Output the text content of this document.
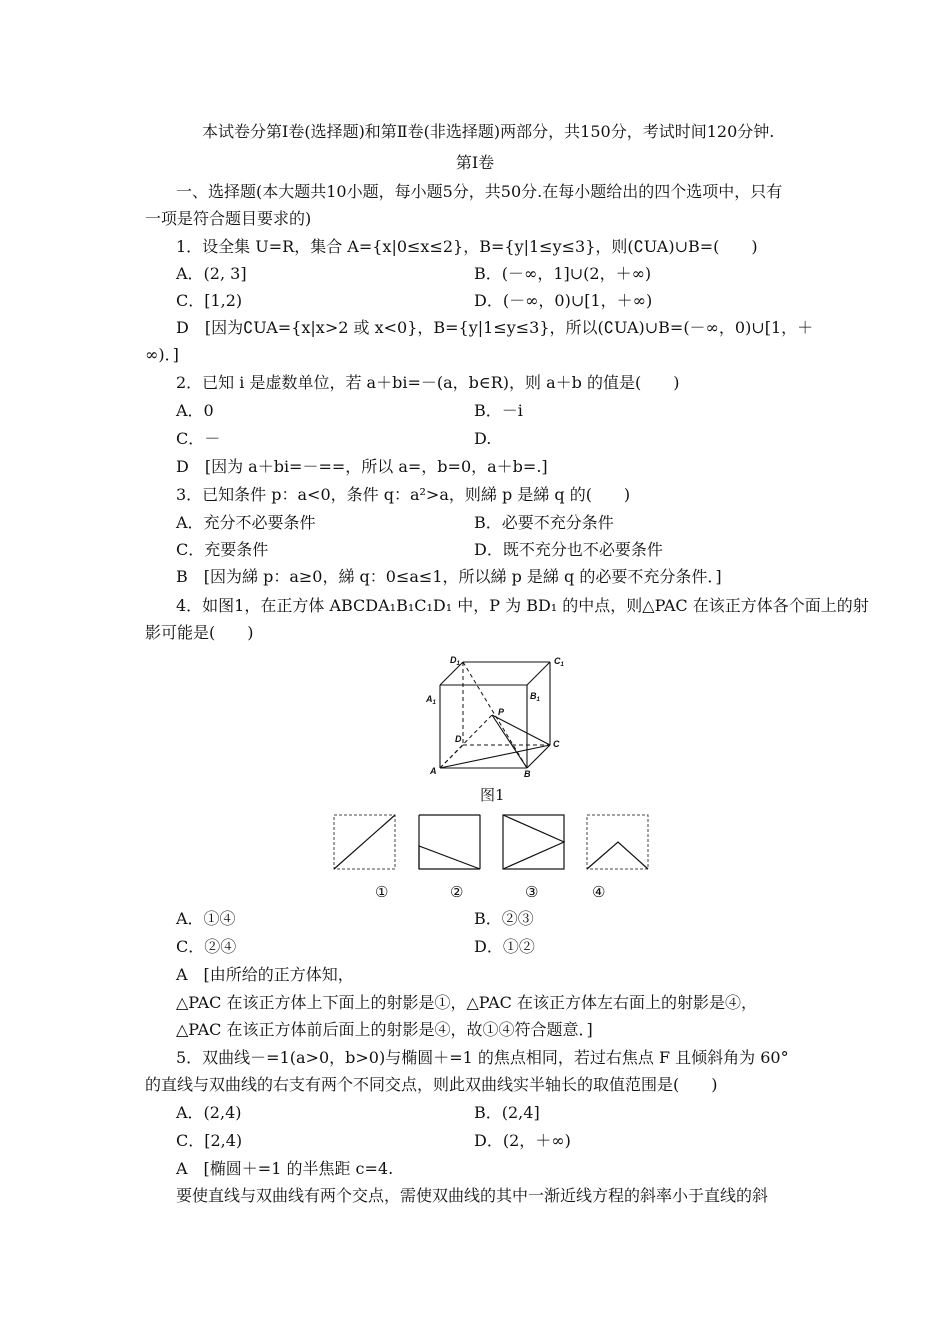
本试卷分第Ⅰ卷(选择题)和第Ⅱ卷(非选择题)两部分，共150分，考试时间120分钟.
第Ⅰ卷
一、选择题(本大题共10小题，每小题5分，共50分.在每小题给出的四个选项中，只有
一项是符合题目要求的)
1．设全集 U=R，集合 A={x|0≤x≤2}，B={y|1≤y≤3}，则(∁UA)∪B=(　　)
A．(2, 3]	B．(－∞，1]∪(2，＋∞)
C．[1,2)	D．(－∞，0)∪[1，＋∞)
D　[因为∁UA={x|x>2 或 x<0}，B={y|1≤y≤3}，所以(∁UA)∪B=(－∞，0)∪[1，＋
∞)．]
2．已知 i 是虚数单位，若 a＋bi=－(a，b∈R)，则 a＋b 的值是(　　)
A．0	B．－i
C．－	D.
D　[因为 a＋bi=－==，所以 a=，b=0，a＋b=.]
3．已知条件 p：a<0，条件 q：a²>a，则綈 p 是綈 q 的(　　)
A．充分不必要条件	B．必要不充分条件
C．充要条件	D．既不充分也不必要条件
B　[因为綈 p：a≥0，綈 q：0≤a≤1，所以綈 p 是綈 q 的必要不充分条件．]
4．如图1，在正方体 ABCDA₁B₁C₁D₁ 中，P 为 BD₁ 的中点，则△PAC 在该正方体各个面上的射
影可能是(　　)
$D_1$	$C_1$
$A_1$
$B_1$
P
D	C
A	B
图1
①	②	③	④
A．①④	B．②③
C．②④	D．①②
A　[由所给的正方体知，
△PAC 在该正方体上下面上的射影是①，△PAC 在该正方体左右面上的射影是④，
△PAC 在该正方体前后面上的射影是④，故①④符合题意．]
5．双曲线－=1(a>0，b>0)与椭圆＋=1 的焦点相同，若过右焦点 F 且倾斜角为 60°
的直线与双曲线的右支有两个不同交点，则此双曲线实半轴长的取值范围是(　　)
A．(2,4)	B．(2,4]
C．[2,4)	D．(2，＋∞)
A　[椭圆＋=1 的半焦距 c=4.
要使直线与双曲线有两个交点，需使双曲线的其中一渐近线方程的斜率小于直线的斜
